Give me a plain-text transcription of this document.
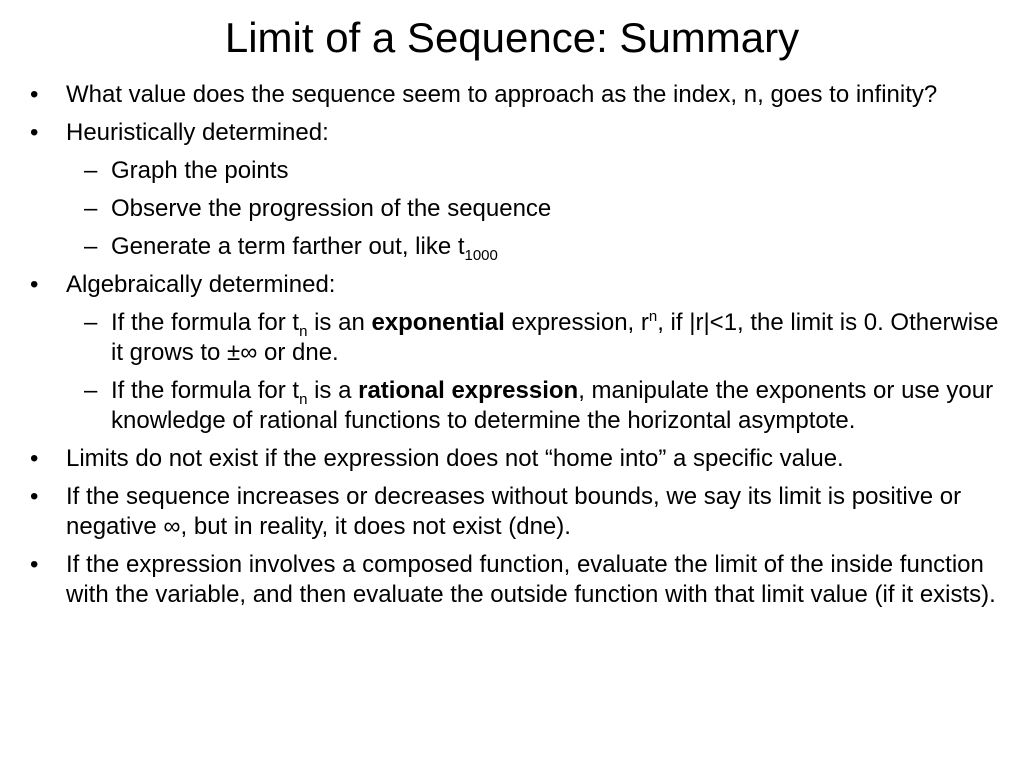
Limit of a Sequence: Summary
• What value does the sequence seem to approach as the index, n, goes to infinity?
• Heuristically determined:
– Graph the points
– Observe the progression of the sequence
– Generate a term farther out, like $t_{1000}$
• Algebraically determined:
– If the formula for $t_n$ is an exponential expression, $r^n$, if |r|<1, the limit is 0. Otherwise it grows to ±∞ or dne.
– If the formula for $t_n$ is a rational expression, manipulate the exponents or use your knowledge of rational functions to determine the horizontal asymptote.
• Limits do not exist if the expression does not “home into” a specific value.
• If the sequence increases or decreases without bounds, we say its limit is positive or negative ∞, but in reality, it does not exist (dne).
• If the expression involves a composed function, evaluate the limit of the inside function with the variable, and then evaluate the outside function with that limit value (if it exists).
